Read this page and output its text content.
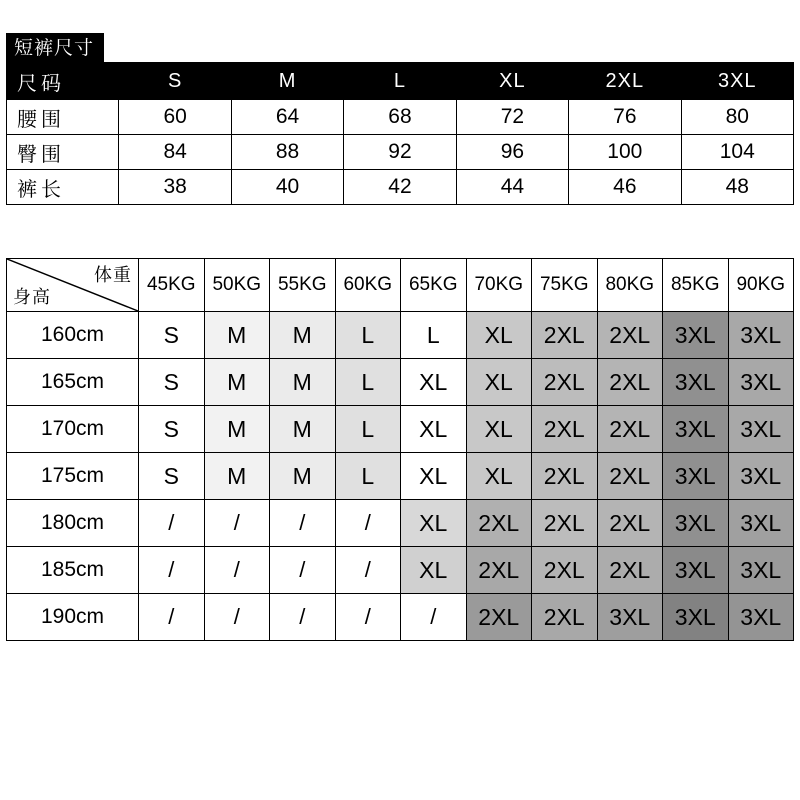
短裤尺寸
尺码	S	M	L	XL	2XL	3XL
腰围	60	64	68	72	76	80
臀围	84	88	92	96	100	104
裤长	38	40	42	44	46	48
体重
身高	45KG	50KG	55KG	60KG	65KG	70KG	75KG	80KG	85KG	90KG
160cm	S	M	M	L	L	XL	2XL	2XL	3XL	3XL
165cm	S	M	M	L	XL	XL	2XL	2XL	3XL	3XL
170cm	S	M	M	L	XL	XL	2XL	2XL	3XL	3XL
175cm	S	M	M	L	XL	XL	2XL	2XL	3XL	3XL
180cm	/	/	/	/	XL	2XL	2XL	2XL	3XL	3XL
185cm	/	/	/	/	XL	2XL	2XL	2XL	3XL	3XL
190cm	/	/	/	/	/	2XL	2XL	3XL	3XL	3XL
